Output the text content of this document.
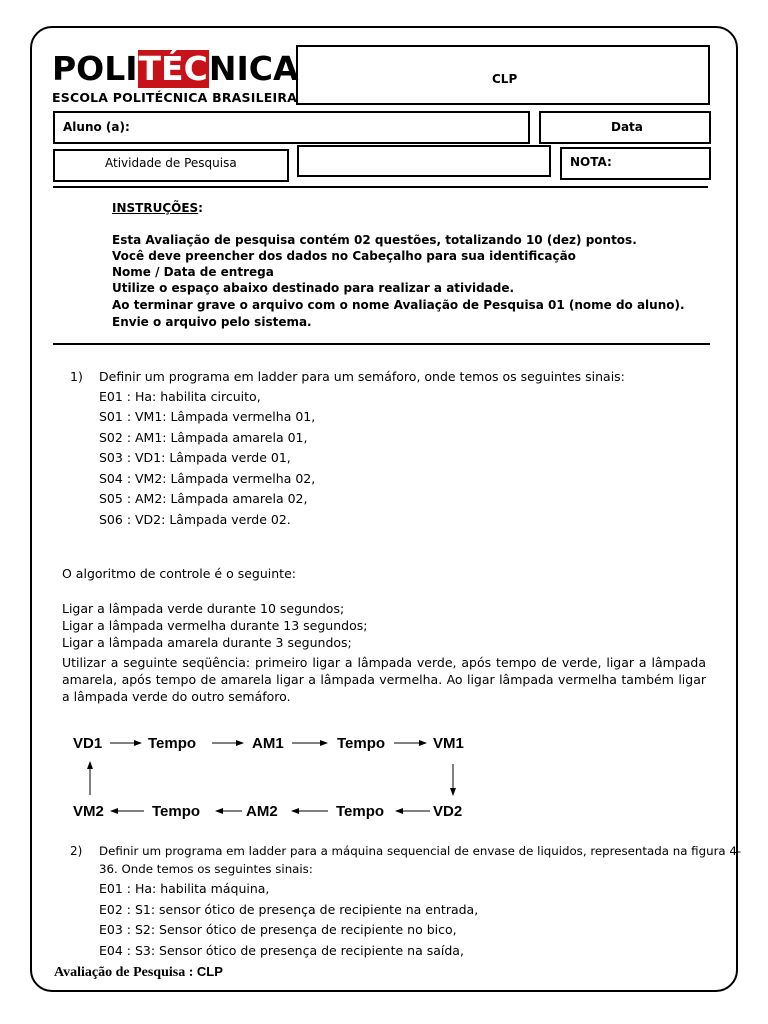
POLITÉCNICA
ESCOLA POLITÉCNICA BRASILEIRA
CLP
Aluno (a):	Data
Atividade de Pesquisa	NOTA:
INSTRUÇÕES:
Esta Avaliação de pesquisa contém 02 questões, totalizando 10 (dez) pontos.
Você deve preencher dos dados no Cabeçalho para sua identificação
Nome / Data de entrega
Utilize o espaço abaixo destinado para realizar a atividade.
Ao terminar grave o arquivo com o nome Avaliação de Pesquisa 01 (nome do aluno).
Envie o arquivo pelo sistema.
1) Definir um programa em ladder para um semáforo, onde temos os seguintes sinais:
E01 : Ha: habilita circuito,
S01 : VM1: Lâmpada vermelha 01,
S02 : AM1: Lâmpada amarela 01,
S03 : VD1: Lâmpada verde 01,
S04 : VM2: Lâmpada vermelha 02,
S05 : AM2: Lâmpada amarela 02,
S06 : VD2: Lâmpada verde 02.
O algoritmo de controle é o seguinte:
Ligar a lâmpada verde durante 10 segundos;
Ligar a lâmpada vermelha durante 13 segundos;
Ligar a lâmpada amarela durante 3 segundos;
Utilizar a seguinte seqüência: primeiro ligar a lâmpada verde, após tempo de verde, ligar a lâmpada amarela, após tempo de amarela ligar a lâmpada vermelha. Ao ligar lâmpada vermelha também ligar a lâmpada verde do outro semáforo.
VD1	Tempo	AM1	Tempo	VM1
VM2	Tempo	AM2	Tempo	VD2
2) Definir um programa em ladder para a máquina sequencial de envase de liquidos, representada na figura 4-
36. Onde temos os seguintes sinais:
E01 : Ha: habilita máquina,
E02 : S1: sensor ótico de presença de recipiente na entrada,
E03 : S2: Sensor ótico de presença de recipiente no bico,
E04 : S3: Sensor ótico de presença de recipiente na saída,
Avaliação de Pesquisa : CLP
